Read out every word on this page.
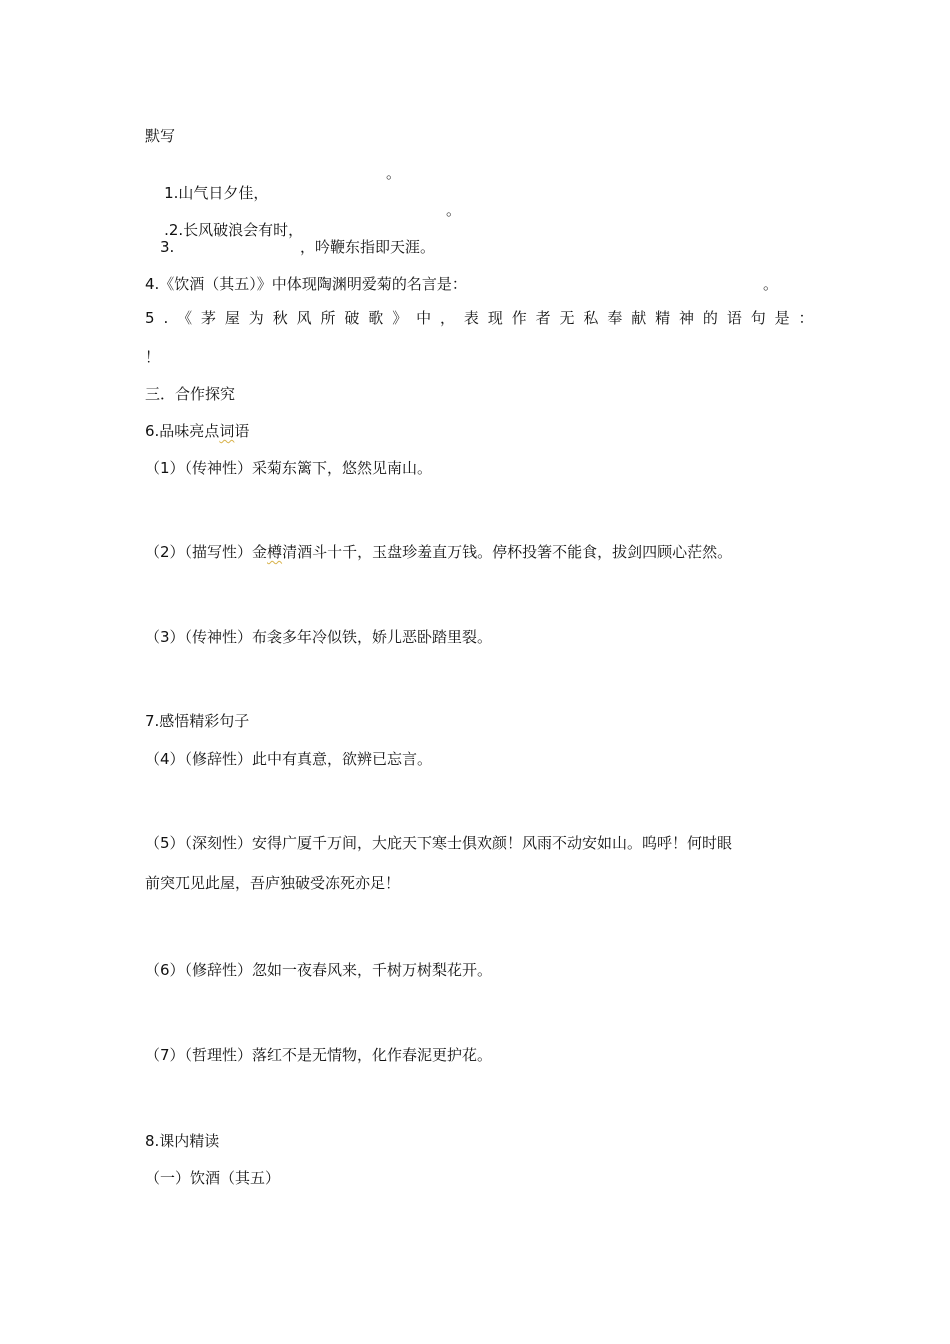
默写

1.山气日夕佳，

。

.2.长风破浪会有时，

。
3.	，吟鞭东指即天涯。
4.《饮酒（其五）》中体现陶渊明爱菊的名言是：	。
5.《茅屋为秋风所破歌》中，表现作者无私奉献精神的语句是：
！
三．合作探究
6.品味亮点词语
（1）（传神性）采菊东篱下，悠然见南山。
（2）（描写性）金樽清酒斗十千，玉盘珍羞直万钱。停杯投箸不能食，拔剑四顾心茫然。
（3）（传神性）布衾多年冷似铁，娇儿恶卧踏里裂。
7.感悟精彩句子
（4）（修辞性）此中有真意，欲辨已忘言。
（5）（深刻性）安得广厦千万间，大庇天下寒士俱欢颜！风雨不动安如山。呜呼！何时眼
前突兀见此屋，吾庐独破受冻死亦足！
（6）（修辞性）忽如一夜春风来，千树万树梨花开。
（7）（哲理性）落红不是无情物，化作春泥更护花。
8.课内精读
（一）饮酒（其五）
